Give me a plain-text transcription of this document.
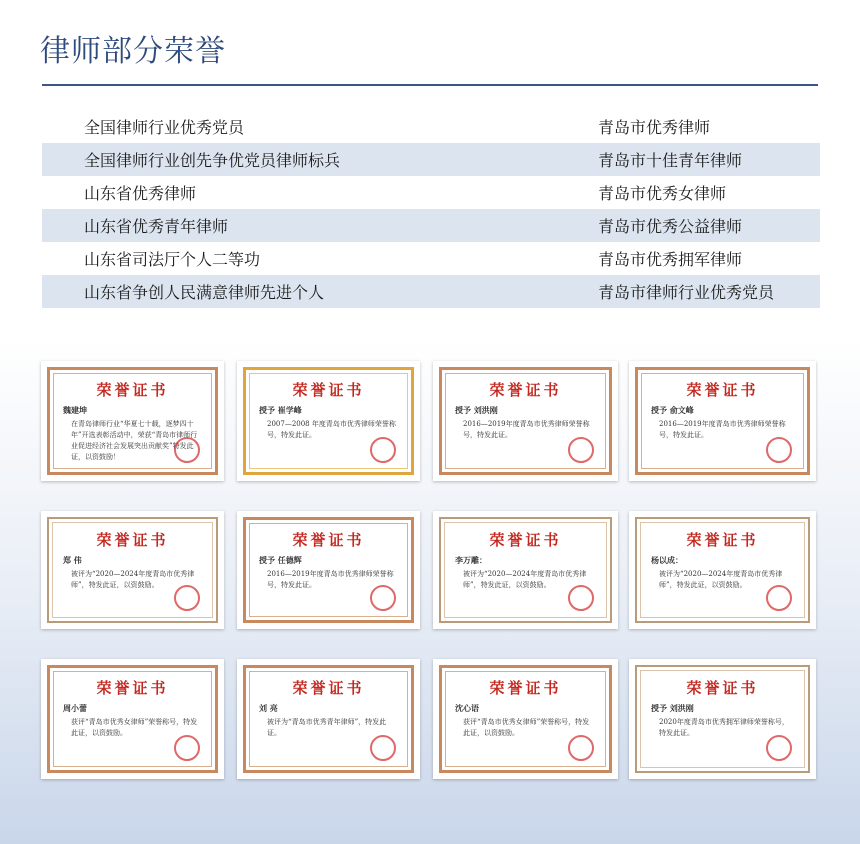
律师部分荣誉
全国律师行业优秀党员	青岛市优秀律师
全国律师行业创先争优党员律师标兵	青岛市十佳青年律师
山东省优秀律师	青岛市优秀女律师
山东省优秀青年律师	青岛市优秀公益律师
山东省司法厅个人二等功	青岛市优秀拥军律师
山东省争创人民满意律师先进个人	青岛市律师行业优秀党员
荣誉证书
魏建坤
在青岛律师行业“华夏七十载，逐梦四十年”开选表彰活动中，荣获“青岛市律师行业促进经济社会发展突出贡献奖”特发此证，以资鼓励！
荣誉证书
授予 崔学峰
2007—2008 年度青岛市优秀律师荣誉称号，特发此证。
荣誉证书
授予 刘洪刚
2016—2019年度青岛市优秀律师荣誉称号，特发此证。
荣誉证书
授予 俞文峰
2016—2019年度青岛市优秀律师荣誉称号，特发此证。
荣誉证书
郑 伟
被评为“2020—2024年度青岛市优秀律师”，特发此证，以资鼓励。
荣誉证书
授予 任德辉
2016—2019年度青岛市优秀律师荣誉称号，特发此证。
荣誉证书
李万雕：
被评为“2020—2024年度青岛市优秀律师”，特发此证，以资鼓励。
荣誉证书
杨以成：
被评为“2020—2024年度青岛市优秀律师”，特发此证，以资鼓励。
荣誉证书
周小蕾
获评“青岛市优秀女律师”荣誉称号，特发此证，以资鼓励。
荣誉证书
刘 亮
被评为“青岛市优秀青年律师”，特发此证。
荣誉证书
沈心语
获评“青岛市优秀女律师”荣誉称号，特发此证，以资鼓励。
荣誉证书
授予 刘洪刚
2020年度青岛市优秀拥军律师荣誉称号，特发此证。
